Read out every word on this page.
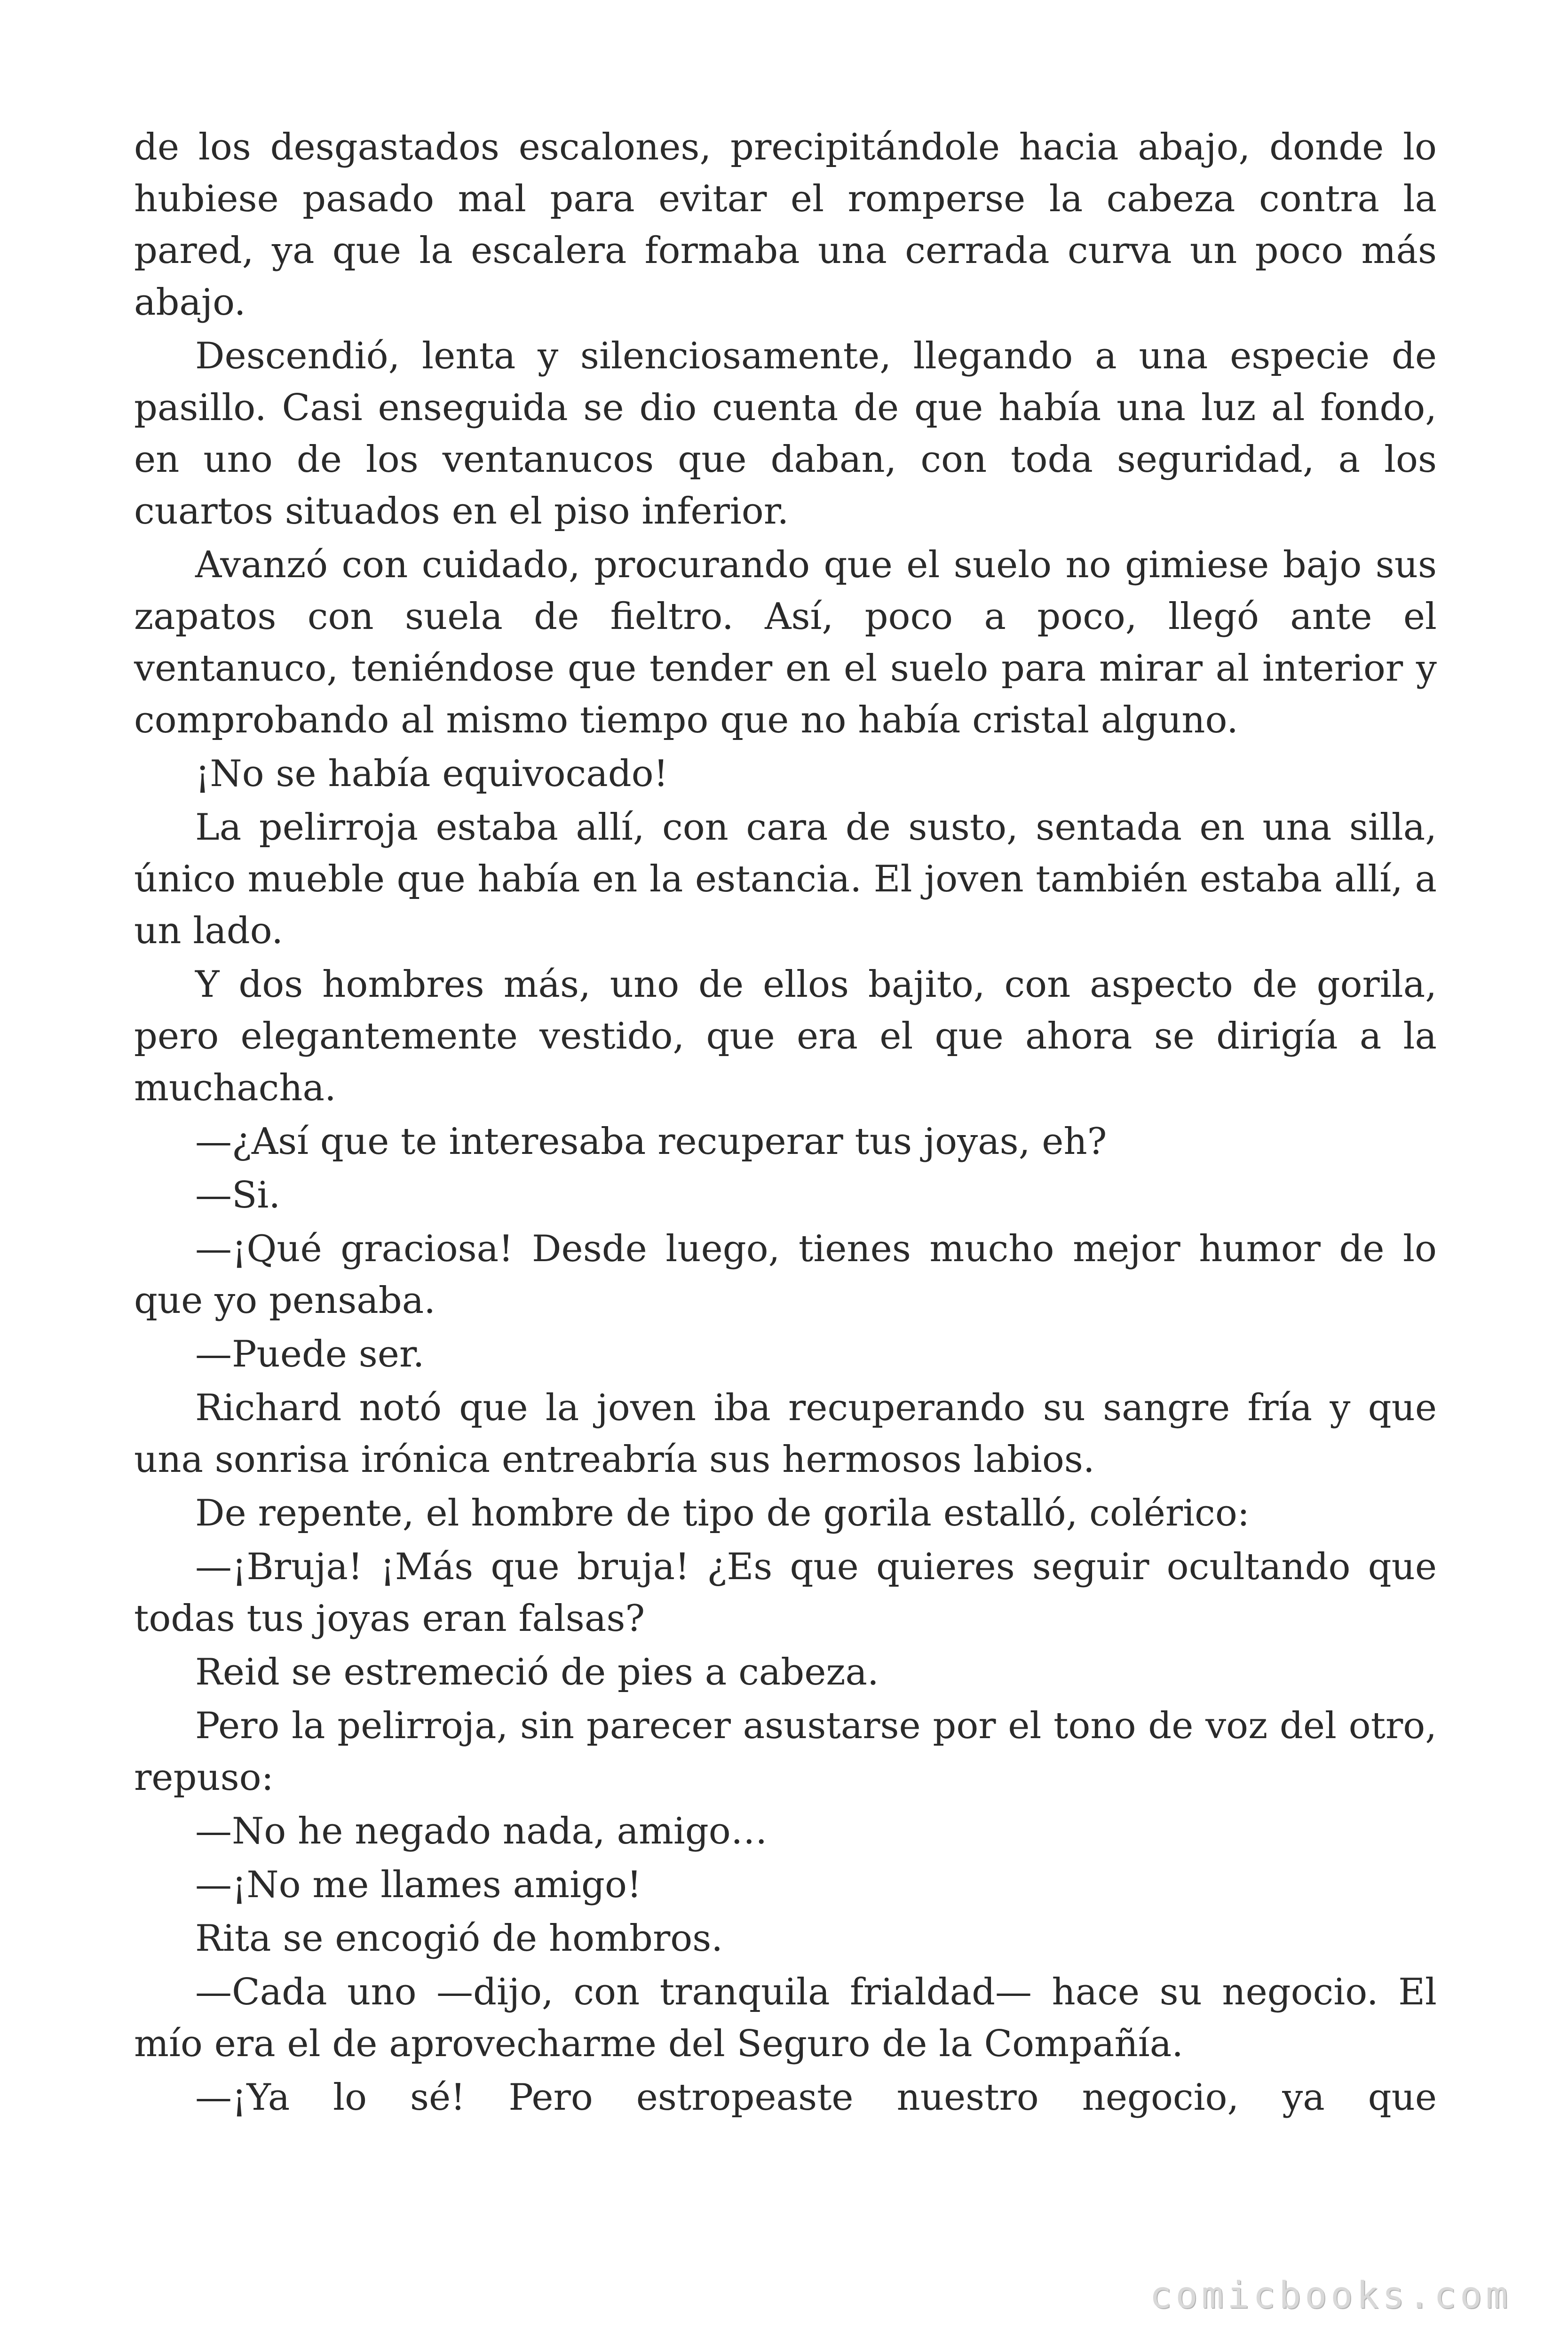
de los desgastados escalones, precipitándole hacia abajo, donde lo hubiese pasado mal para evitar el romperse la cabeza contra la pared, ya que la escalera formaba una cerrada curva un poco más abajo.

Descendió, lenta y silenciosamente, llegando a una especie de pasillo. Casi enseguida se dio cuenta de que había una luz al fondo, en uno de los ventanucos que daban, con toda seguridad, a los cuartos situados en el piso inferior.

Avanzó con cuidado, procurando que el suelo no gimiese bajo sus zapatos con suela de fieltro. Así, poco a poco, llegó ante el ventanuco, teniéndose que tender en el suelo para mirar al interior y comprobando al mismo tiempo que no había cristal alguno.

¡No se había equivocado!

La pelirroja estaba allí, con cara de susto, sentada en una silla, único mueble que había en la estancia. El joven también estaba allí, a un lado.

Y dos hombres más, uno de ellos bajito, con aspecto de gorila, pero elegantemente vestido, que era el que ahora se dirigía a la muchacha.

—¿Así que te interesaba recuperar tus joyas, eh?

—Si.

—¡Qué graciosa! Desde luego, tienes mucho mejor humor de lo que yo pensaba.

—Puede ser.

Richard notó que la joven iba recuperando su sangre fría y que una sonrisa irónica entreabría sus hermosos labios.

De repente, el hombre de tipo de gorila estalló, colérico:

—¡Bruja! ¡Más que bruja! ¿Es que quieres seguir ocultando que todas tus joyas eran falsas?

Reid se estremeció de pies a cabeza.

Pero la pelirroja, sin parecer asustarse por el tono de voz del otro, repuso:

—No he negado nada, amigo…

—¡No me llames amigo!

Rita se encogió de hombros.

—Cada uno —dijo, con tranquila frialdad— hace su negocio. El mío era el de aprovecharme del Seguro de la Compañía.

—¡Ya lo sé! Pero estropeaste nuestro negocio, ya que

comicbooks.com
